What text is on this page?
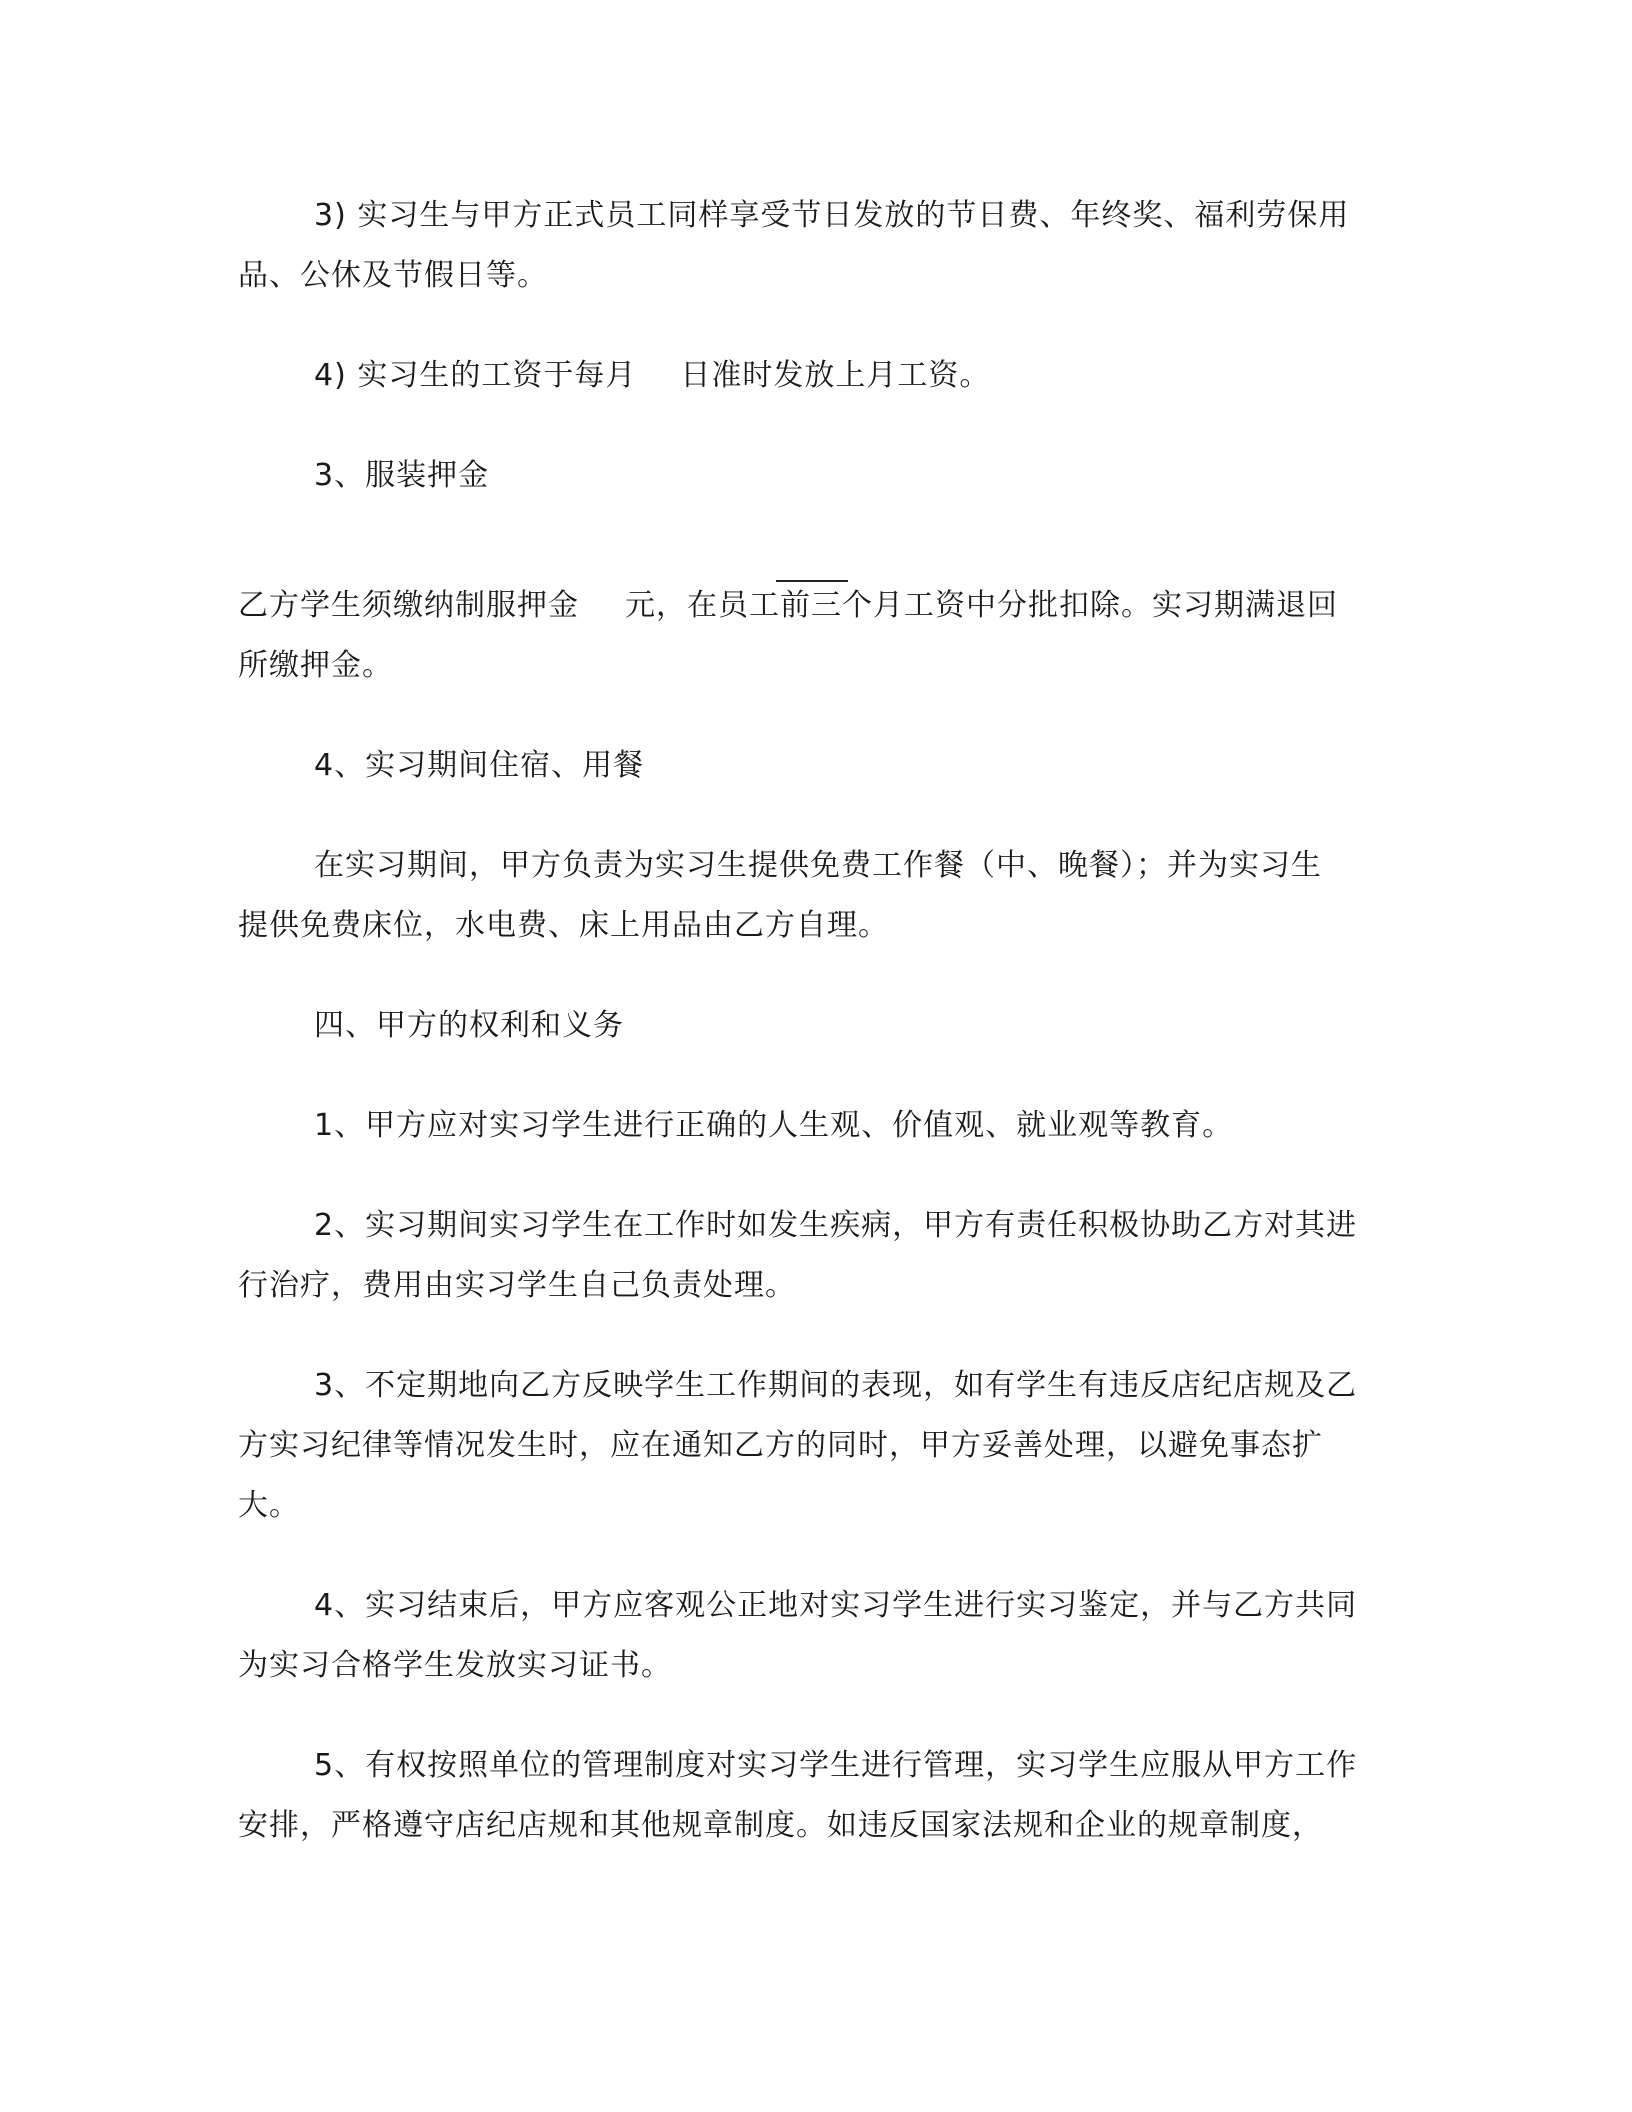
3) 实习生与甲方正式员工同样享受节日发放的节日费、年终奖、福利劳保用
品、公休及节假日等。
4) 实习生的工资于每月 日准时发放上月工资。
3、服装押金
乙方学生须缴纳制服押金 元，在员工前三个月工资中分批扣除。实习期满退回
所缴押金。
4、实习期间住宿、用餐
在实习期间，甲方负责为实习生提供免费工作餐（中、晚餐）；并为实习生
提供免费床位，水电费、床上用品由乙方自理。
四、甲方的权利和义务
1、甲方应对实习学生进行正确的人生观、价值观、就业观等教育。
2、实习期间实习学生在工作时如发生疾病，甲方有责任积极协助乙方对其进
行治疗，费用由实习学生自己负责处理。
3、不定期地向乙方反映学生工作期间的表现，如有学生有违反店纪店规及乙
方实习纪律等情况发生时，应在通知乙方的同时，甲方妥善处理，以避免事态扩
大。
4、实习结束后，甲方应客观公正地对实习学生进行实习鉴定，并与乙方共同
为实习合格学生发放实习证书。
5、有权按照单位的管理制度对实习学生进行管理，实习学生应服从甲方工作
安排，严格遵守店纪店规和其他规章制度。如违反国家法规和企业的规章制度，
